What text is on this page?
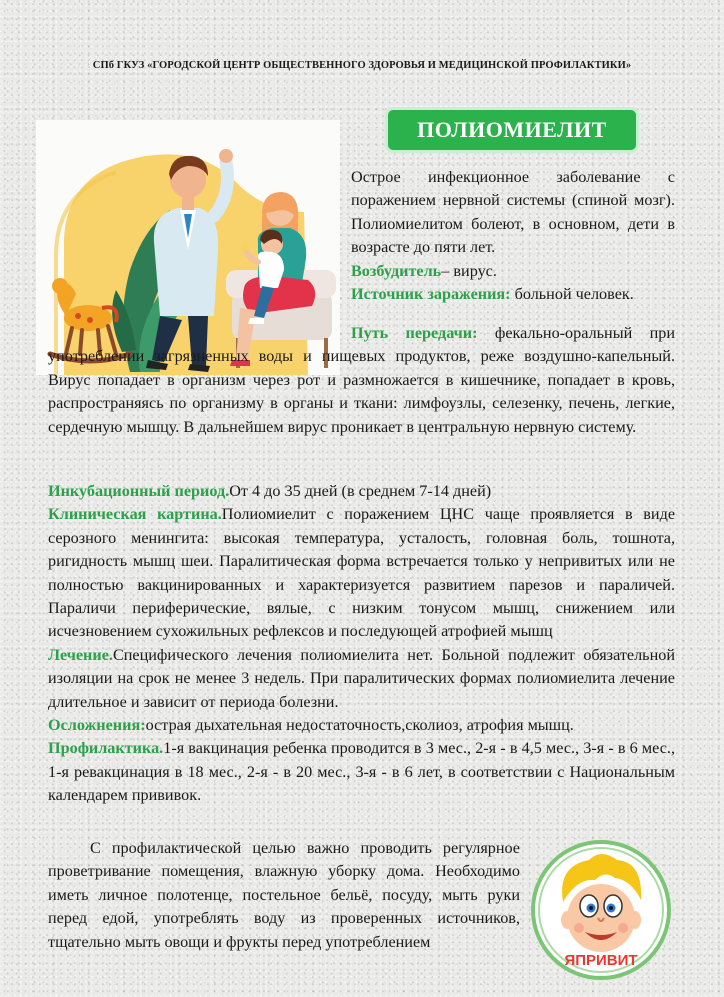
СПб ГКУЗ «ГОРОДСКОЙ ЦЕНТР ОБЩЕСТВЕННОГО ЗДОРОВЬЯ И МЕДИЦИНСКОЙ ПРОФИЛАКТИКИ»
ПОЛИОМИЕЛИТ
Острое инфекционное заболевание с поражением нервной системы (спиной мозг). Полиомиелитом болеют, в основном, дети в возрасте до пяти лет.
Возбудитель– вирус.
Источник заражения: больной человек.
Путь передачи: фекально-оральный при употреблении загрязненных воды и пищевых продуктов, реже воздушно-капельный. Вирус попадает в организм через рот и размножается в кишечнике, попадает в кровь, распространяясь по организму в органы и ткани: лимфоузлы, селезенку, печень, легкие, сердечную мышцу. В дальнейшем вирус проникает в центральную нервную систему.
Инкубационный период.От 4 до 35 дней (в среднем 7-14 дней)
Клиническая картина.Полиомиелит с поражением ЦНС чаще проявляется в виде серозного менингита: высокая температура, усталость, головная боль, тошнота, ригидность мышц шеи. Паралитическая форма встречается только у непривитых или не полностью вакцинированных и характеризуется развитием парезов и параличей. Параличи периферические, вялые, с низким тонусом мышц, снижением или исчезновением сухожильных рефлексов и последующей атрофией мышц
Лечение.Специфического лечения полиомиелита нет. Больной подлежит обязательной изоляции на срок не менее 3 недель. При паралитических формах полиомиелита лечение длительное и зависит от периода болезни.
Осложнения:острая дыхательная недостаточность,сколиоз, атрофия мышц.
Профилактика.1-я вакцинация ребенка проводится в 3 мес., 2-я - в 4,5 мес., 3-я - в 6 мес., 1-я ревакцинация в 18 мес., 2-я - в 20 мес., 3-я - в 6 лет, в соответствии с Национальным календарем прививок.
С профилактической целью важно проводить регулярное проветривание помещения, влажную уборку дома. Необходимо иметь личное полотенце, постельное бельё, посуду, мыть руки перед едой, употреблять воду из проверенных источников, тщательно мыть овощи и фрукты перед употреблением
ЯПРИВИТ
